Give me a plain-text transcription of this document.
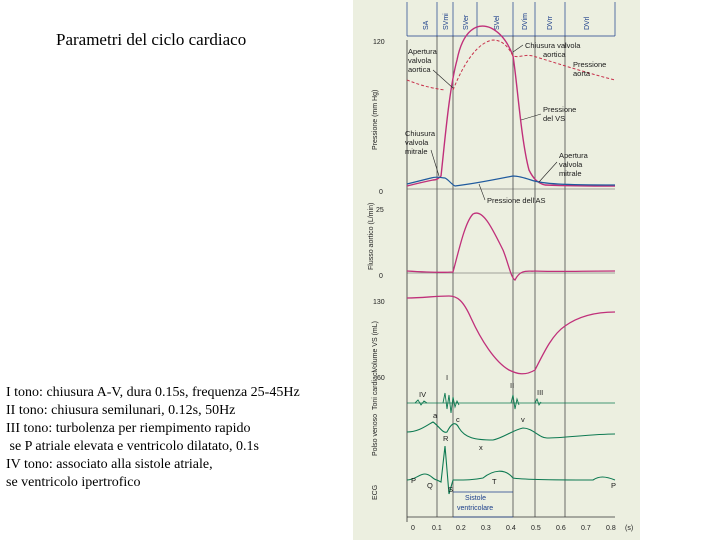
Parametri del ciclo cardiaco
I tono: chiusura A-V, dura 0.15s, frequenza 25-45Hz
II tono: chiusura semilunari, 0.12s, 50Hz
III tono: turbolenza per riempimento rapido
se P atriale elevata e ventricolo dilatato, 0.1s
IV tono: associato alla sistole atriale,
se ventricolo ipertrofico
SA SVmi SVer	SVel	DVim	DVrr	DVrl
Pressione (mm Hg)
Flusso aortico (L/min)
Volume VS (mL)
Toni cardiaci
Polso venoso
ECG
120
0
25
0
130
60
Apertura
valvola
aortica
Chiusura valvola
aortica
Pressione
aorta
Pressione
del VS
Chiusura
valvola
mitrale	Apertura
valvola
mitrale
Pressione dell'AS
IV
I
II
III
a	c
x
v
P
R
Q S
T	P
Sistole
ventricolare
0 0.1 0.2 0.3 0.4 0.5 0.6 0.7 0.8 (s)
